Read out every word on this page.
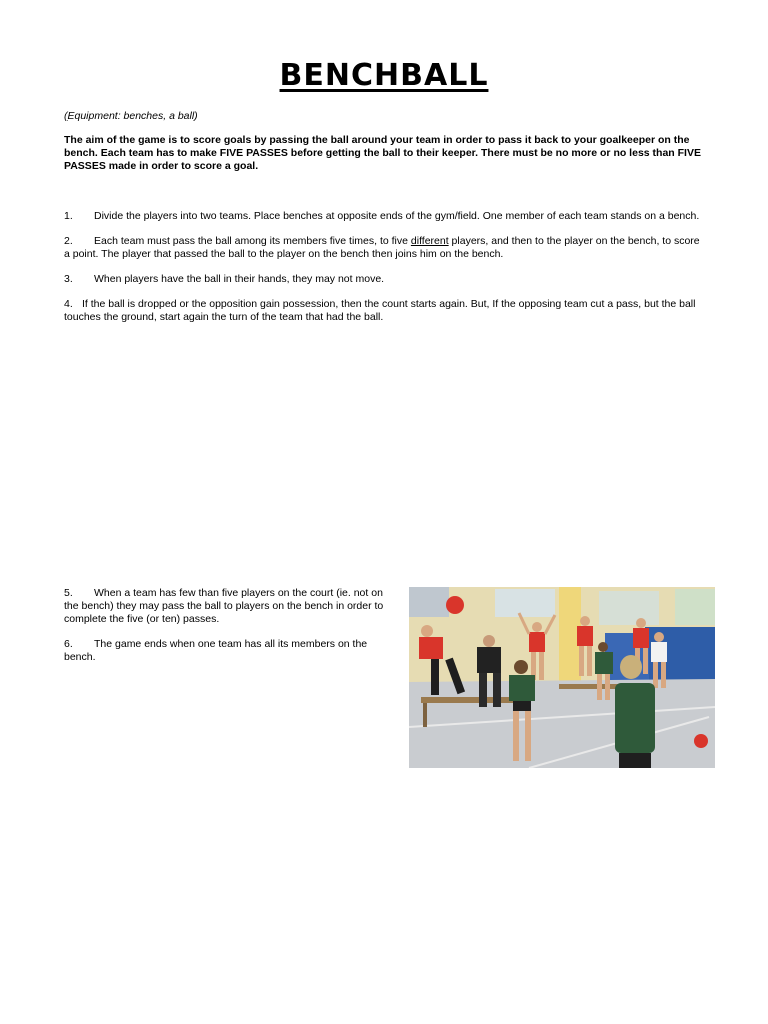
BENCHBALL
(Equipment: benches, a ball)
The aim of the game is to score goals by passing the ball around your team in order to pass it back to your goalkeeper on the bench. Each team has to make FIVE PASSES before getting the ball to their keeper. There must be no more or no less than FIVE PASSES made in order to score a goal.

1. Divide the players into two teams. Place benches at opposite ends of the gym/field. One member of each team stands on a bench.

2. Each team must pass the ball among its members five times, to five different players, and then to the player on the bench, to score a point. The player that passed the ball to the player on the bench then joins him on the bench.

3. When players have the ball in their hands, they may not move.

4. If the ball is dropped or the opposition gain possession, then the count starts again. But, If the opposing team cut a pass, but the ball touches the ground, start again the turn of the team that had the ball.

5. When a team has few than five players on the court (ie. not on the bench) they may pass the ball to players on the bench in order to complete the five (or ten) passes.

6. The game ends when one team has all its members on the bench.
